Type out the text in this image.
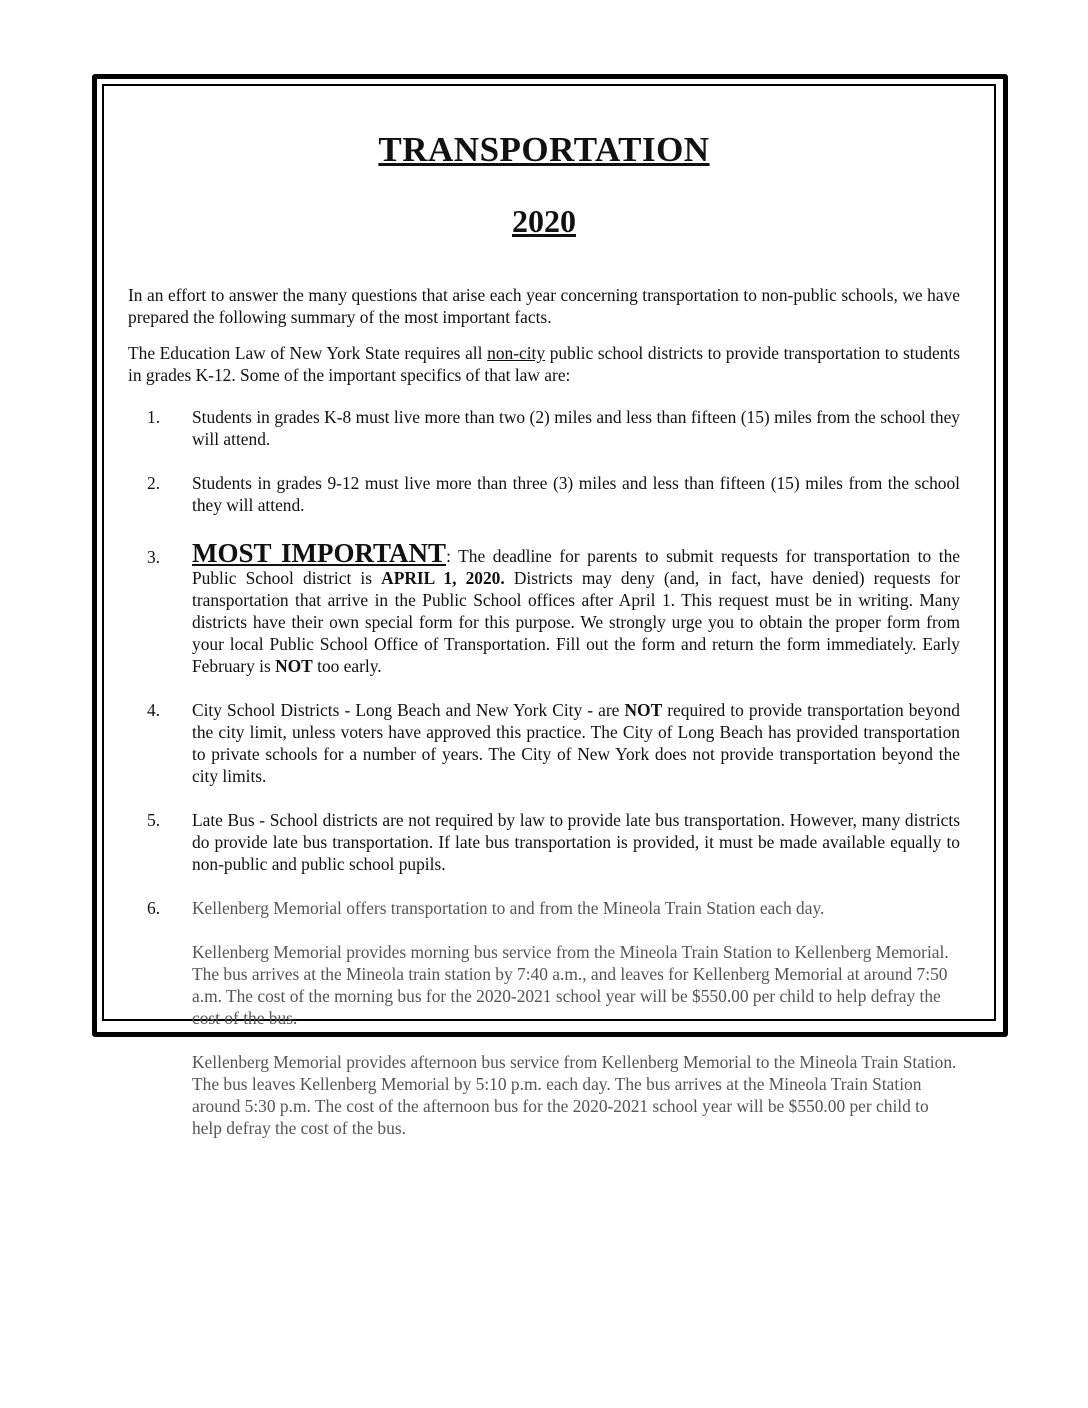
TRANSPORTATION
2020

In an effort to answer the many questions that arise each year concerning transportation to non-public schools, we have prepared the following summary of the most important facts.

The Education Law of New York State requires all non-city public school districts to provide transportation to students in grades K-12. Some of the important specifics of that law are:

1. Students in grades K-8 must live more than two (2) miles and less than fifteen (15) miles from the school they will attend.
2. Students in grades 9-12 must live more than three (3) miles and less than fifteen (15) miles from the school they will attend.
3. MOST IMPORTANT: The deadline for parents to submit requests for transportation to the Public School district is APRIL 1, 2020. Districts may deny (and, in fact, have denied) requests for transportation that arrive in the Public School offices after April 1. This request must be in writing. Many districts have their own special form for this purpose. We strongly urge you to obtain the proper form from your local Public School Office of Transportation. Fill out the form and return the form immediately. Early February is NOT too early.
4. City School Districts - Long Beach and New York City - are NOT required to provide transportation beyond the city limit, unless voters have approved this practice. The City of Long Beach has provided transportation to private schools for a number of years. The City of New York does not provide transportation beyond the city limits.
5. Late Bus - School districts are not required by law to provide late bus transportation. However, many districts do provide late bus transportation. If late bus transportation is provided, it must be made available equally to non-public and public school pupils.
6. Kellenberg Memorial offers transportation to and from the Mineola Train Station each day.
Kellenberg Memorial provides morning bus service from the Mineola Train Station to Kellenberg Memorial. The bus arrives at the Mineola train station by 7:40 a.m., and leaves for Kellenberg Memorial at around 7:50 a.m. The cost of the morning bus for the 2020-2021 school year will be $550.00 per child to help defray the cost of the bus.
Kellenberg Memorial provides afternoon bus service from Kellenberg Memorial to the Mineola Train Station. The bus leaves Kellenberg Memorial by 5:10 p.m. each day. The bus arrives at the Mineola Train Station around 5:30 p.m. The cost of the afternoon bus for the 2020-2021 school year will be $550.00 per child to help defray the cost of the bus.
